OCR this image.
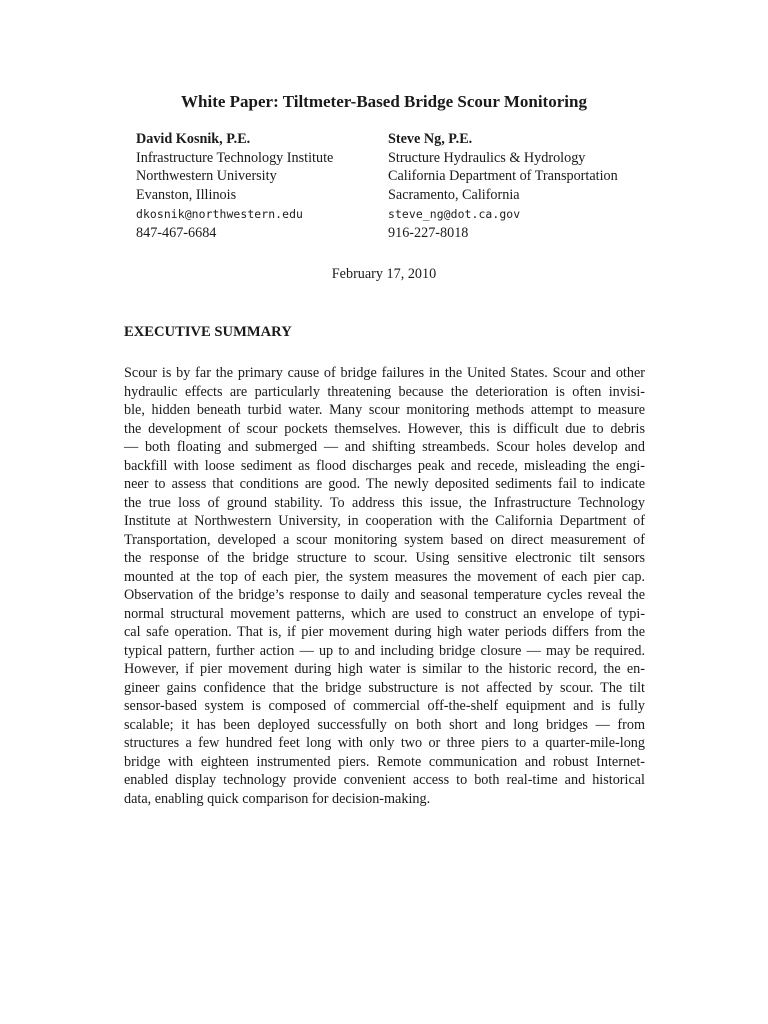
White Paper: Tiltmeter-Based Bridge Scour Monitoring
David Kosnik, P.E.
Infrastructure Technology Institute
Northwestern University
Evanston, Illinois
dkosnik@northwestern.edu
847-467-6684
Steve Ng, P.E.
Structure Hydraulics & Hydrology
California Department of Transportation
Sacramento, California
steve_ng@dot.ca.gov
916-227-8018
February 17, 2010
EXECUTIVE SUMMARY
Scour is by far the primary cause of bridge failures in the United States. Scour and other
hydraulic effects are particularly threatening because the deterioration is often invisi-
ble, hidden beneath turbid water. Many scour monitoring methods attempt to measure
the development of scour pockets themselves. However, this is difficult due to debris
— both floating and submerged — and shifting streambeds. Scour holes develop and
backfill with loose sediment as flood discharges peak and recede, misleading the engi-
neer to assess that conditions are good. The newly deposited sediments fail to indicate
the true loss of ground stability. To address this issue, the Infrastructure Technology
Institute at Northwestern University, in cooperation with the California Department of
Transportation, developed a scour monitoring system based on direct measurement of
the response of the bridge structure to scour. Using sensitive electronic tilt sensors
mounted at the top of each pier, the system measures the movement of each pier cap.
Observation of the bridge’s response to daily and seasonal temperature cycles reveal the
normal structural movement patterns, which are used to construct an envelope of typi-
cal safe operation. That is, if pier movement during high water periods differs from the
typical pattern, further action — up to and including bridge closure — may be required.
However, if pier movement during high water is similar to the historic record, the en-
gineer gains confidence that the bridge substructure is not affected by scour. The tilt
sensor-based system is composed of commercial off-the-shelf equipment and is fully
scalable; it has been deployed successfully on both short and long bridges — from
structures a few hundred feet long with only two or three piers to a quarter-mile-long
bridge with eighteen instrumented piers. Remote communication and robust Internet-
enabled display technology provide convenient access to both real-time and historical
data, enabling quick comparison for decision-making.
